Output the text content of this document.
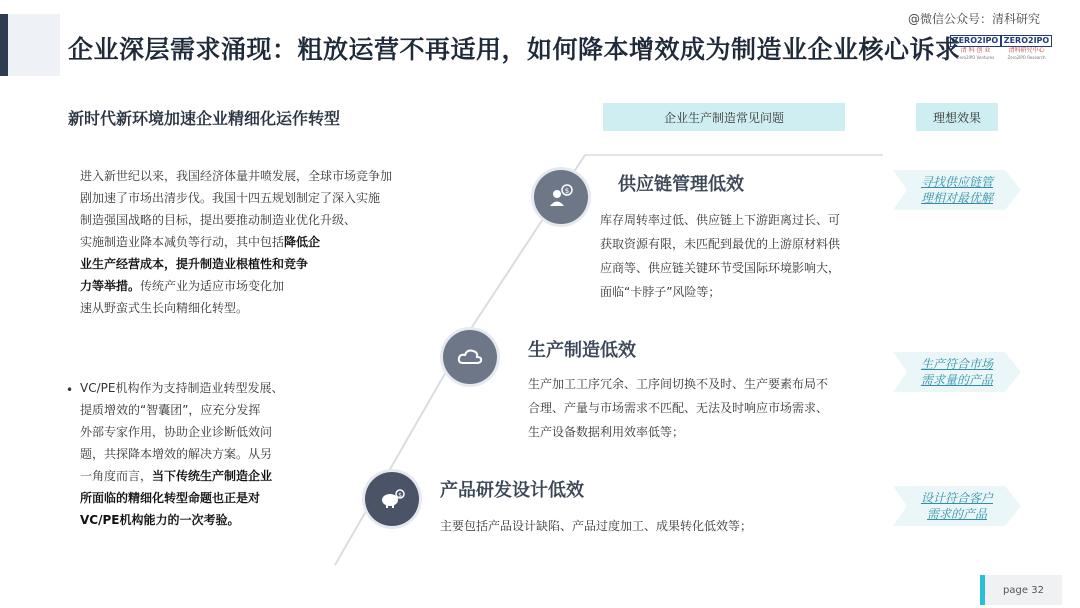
企业深层需求涌现：粗放运营不再适用，如何降本增效成为制造业企业核心诉求
@微信公众号：清科研究
ZERO2IPO
清 科 创 业
Zero2IPO Ventures
ZERO2IPO
清科研究中心
Zero2IPO Research
新时代新环境加速企业精细化运作转型
进入新世纪以来，我国经济体量井喷发展，全球市场竞争加
剧加速了市场出清步伐。我国十四五规划制定了深入实施
制造强国战略的目标，提出要推动制造业优化升级、
实施制造业降本减负等行动，其中包括降低企
业生产经营成本，提升制造业根植性和竞争
力等举措。传统产业为适应市场变化加
速从野蛮式生长向精细化转型。
• VC/PE机构作为支持制造业转型发展、
提质增效的“智囊团”，应充分发挥
外部专家作用，协助企业诊断低效问
题，共探降本增效的解决方案。从另
一角度而言，当下传统生产制造企业
所面临的精细化转型命题也正是对
VC/PE机构能力的一次考验。
企业生产制造常见问题	理想效果
$	供应链管理低效
库存周转率过低、供应链上下游距离过长、可
获取资源有限，未匹配到最优的上游原材料供
应商等、供应链关键环节受国际环境影响大，
面临“卡脖子”风险等；
生产制造低效
生产加工工序冗余、工序间切换不及时、生产要素布局不
合理、产量与市场需求不匹配、无法及时响应市场需求、
生产设备数据利用效率低等；
$ 产品研发设计低效
主要包括产品设计缺陷、产品过度加工、成果转化低效等；
寻找供应链管
理相对最优解
生产符合市场
需求量的产品
设计符合客户
需求的产品
page 32
